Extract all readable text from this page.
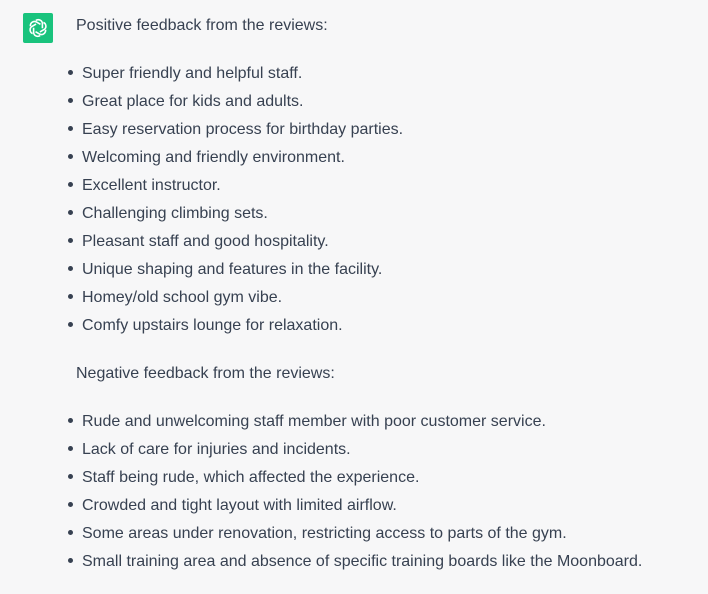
Positive feedback from the reviews:

Super friendly and helpful staff.
Great place for kids and adults.
Easy reservation process for birthday parties.
Welcoming and friendly environment.
Excellent instructor.
Challenging climbing sets.
Pleasant staff and good hospitality.
Unique shaping and features in the facility.
Homey/old school gym vibe.
Comfy upstairs lounge for relaxation.

Negative feedback from the reviews:

Rude and unwelcoming staff member with poor customer service.
Lack of care for injuries and incidents.
Staff being rude, which affected the experience.
Crowded and tight layout with limited airflow.
Some areas under renovation, restricting access to parts of the gym.
Small training area and absence of specific training boards like the Moonboard.
